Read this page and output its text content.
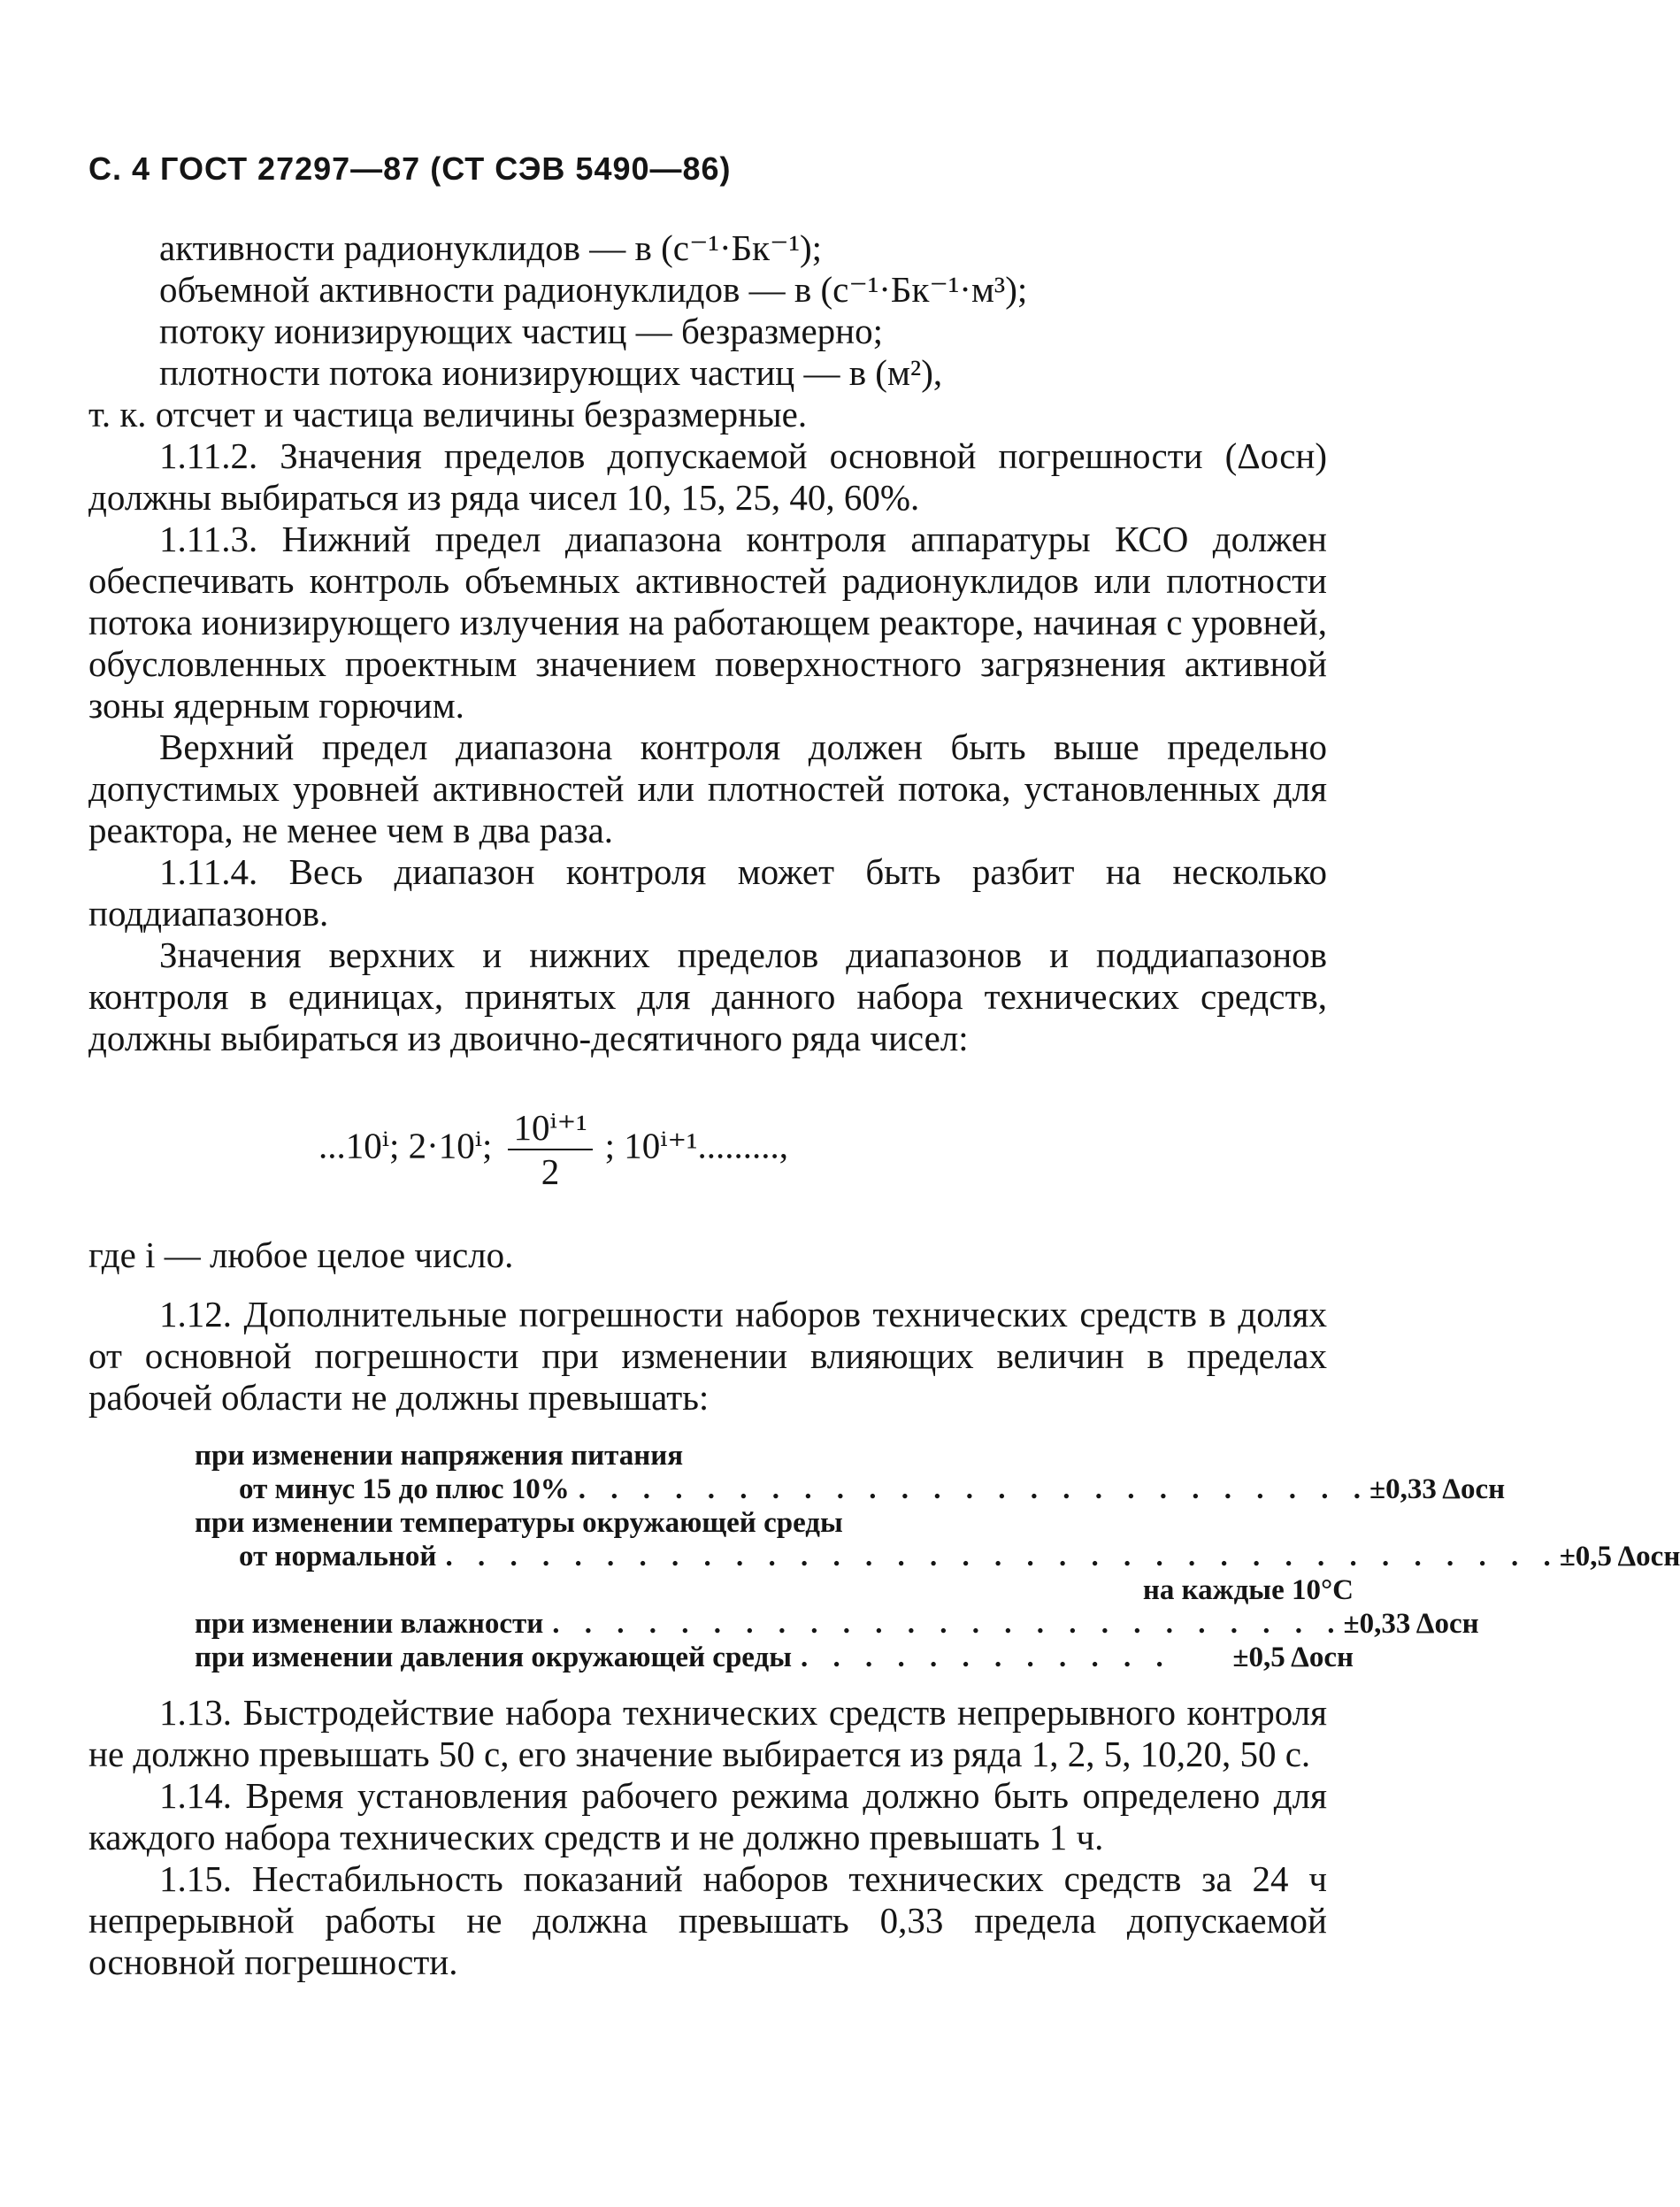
С. 4 ГОСТ 27297—87 (СТ СЭВ 5490—86)
активности радионуклидов — в (с⁻¹·Бк⁻¹);
объемной активности радионуклидов — в (с⁻¹·Бк⁻¹·м³);
потоку ионизирующих частиц — безразмерно;
плотности потока ионизирующих частиц — в (м²),
т. к. отсчет и частица величины безразмерные.
1.11.2. Значения пределов допускаемой основной погрешности (Δосн) должны выбираться из ряда чисел 10, 15, 25, 40, 60%.
1.11.3. Нижний предел диапазона контроля аппаратуры КСО должен обеспечивать контроль объемных активностей радионуклидов или плотности потока ионизирующего излучения на работающем реакторе, начиная с уровней, обусловленных проектным значением поверхностного загрязнения активной зоны ядерным горючим.
Верхний предел диапазона контроля должен быть выше предельно допустимых уровней активностей или плотностей потока, установленных для реактора, не менее чем в два раза.
1.11.4. Весь диапазон контроля может быть разбит на несколько поддиапазонов.
Значения верхних и нижних пределов диапазонов и поддиапазонов контроля в единицах, принятых для данного набора технических средств, должны выбираться из двоично-десятичного ряда чисел:
...10ⁱ; 2·10ⁱ; $\frac{\text{10ⁱ⁺¹}}{2}$ ; 10ⁱ⁺¹.........,
где i — любое целое число.
1.12. Дополнительные погрешности наборов технических средств в долях от основной погрешности при изменении влияющих величин в пределах рабочей области не должны превышать:
при изменении напряжения питания
от минус 15 до плюс 10% . . . . . . . . . . . . . . . . . . . . . . . . . ±0,33 Δосн
при изменении температуры окружающей среды
от нормальной . . . . . . . . . . . . . . . . . . . . . . . . . . . . . . . . . . . ±0,5 Δосн
на каждые 10°С
при изменении влажности . . . . . . . . . . . . . . . . . . . . . . . . . ±0,33 Δосн
при изменении давления окружающей среды . . . . . . . . . . . .	±0,5 Δосн
1.13. Быстродействие набора технических средств непрерывного контроля не должно превышать 50 с, его значение выбирается из ряда 1, 2, 5, 10,20, 50 с.
1.14. Время установления рабочего режима должно быть определено для каждого набора технических средств и не должно превышать 1 ч.
1.15. Нестабильность показаний наборов технических средств за 24 ч непрерывной работы не должна превышать 0,33 предела допускаемой основной погрешности.
